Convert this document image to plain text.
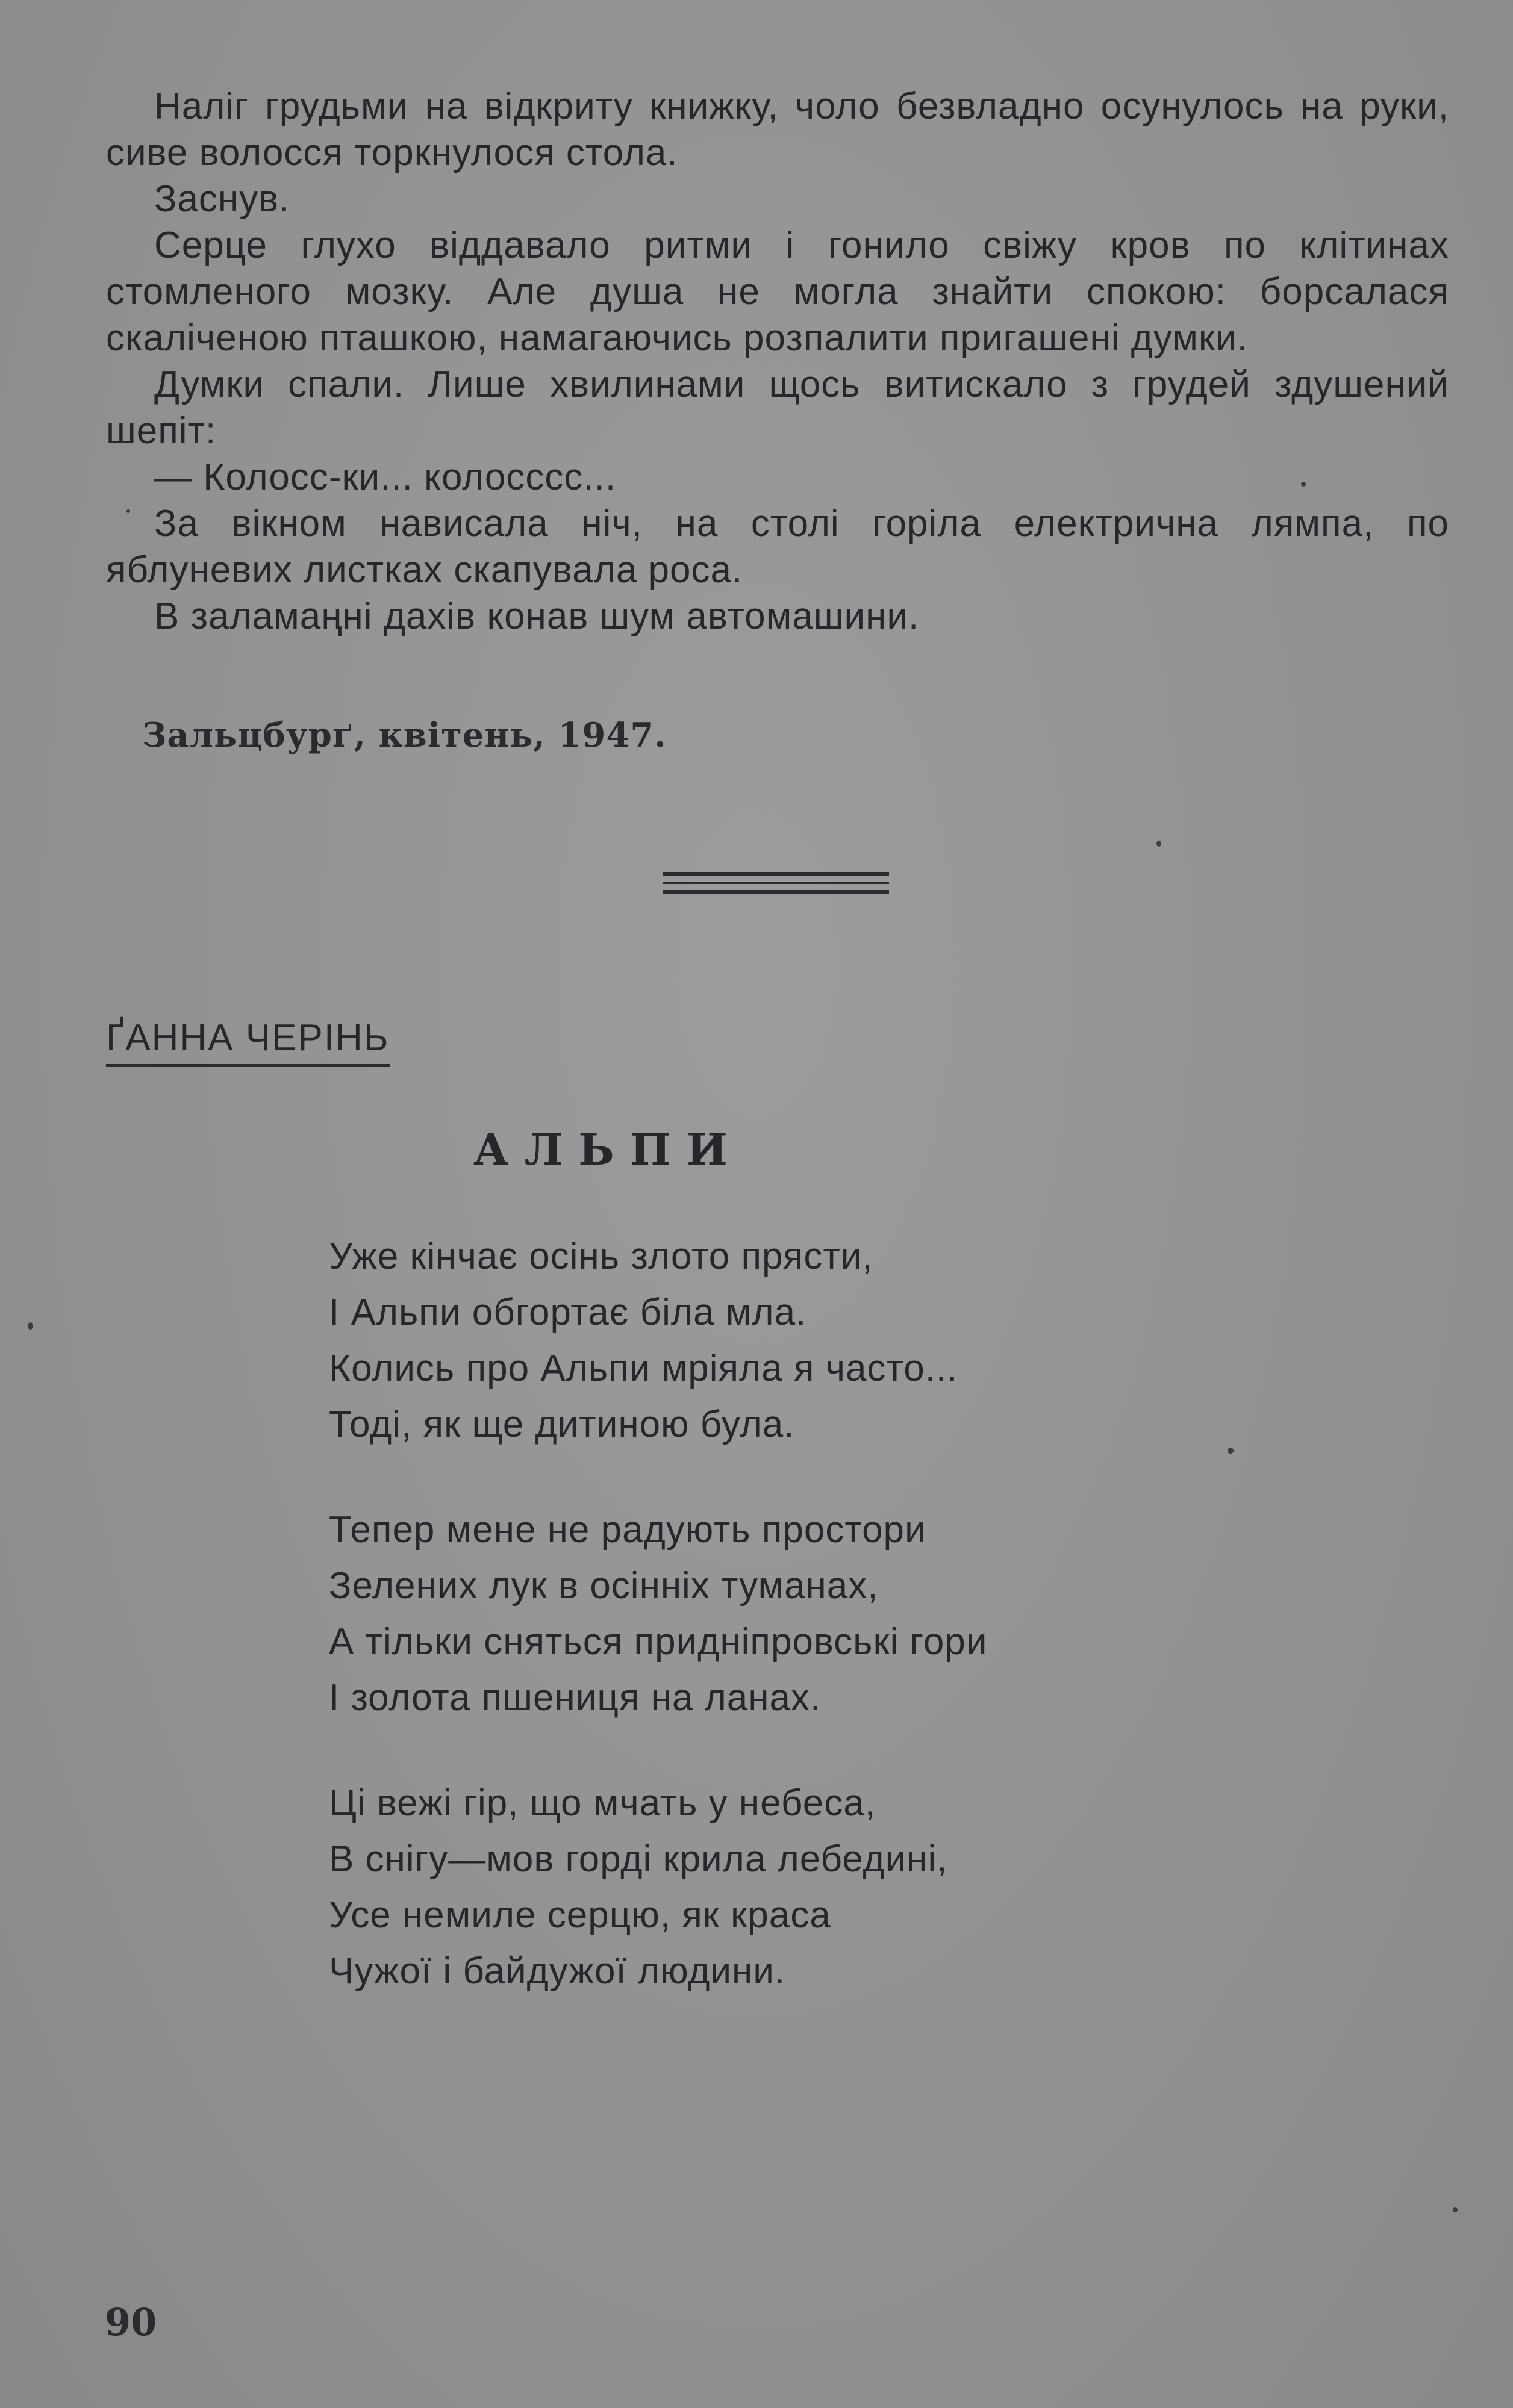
Наліг грудьми на відкриту книжку, чоло безвладно осунулось на руки, сиве волосся торкнулося стола.

Заснув.

Серце глухо віддавало ритми і гонило свіжу кров по клітинах стомленого мозку. Але душа не могла знайти спокою: борсалася скаліченою пташкою, намагаючись розпалити пригашені думки.

Думки спали. Лише хвилинами щось витискало з грудей здушений шепіт:

— Колосс-ки... колосссс...

За вікном нависала ніч, на столі горіла електрична лямпа, по яблуневих листках скапувала роса.

В заламаңні дахів конав шум автомашини.

Зальцбурґ, квітень, 1947.
ҐАННА ЧЕРІНЬ
АЛЬПИ
Уже кінчає осінь злото прясти,
І Альпи обгортає біла мла.
Колись про Альпи мріяла я часто...
Тоді, як ще дитиною була.
Тепер мене не радують простори
Зелених лук в осінніх туманах,
А тільки сняться придніпровські гори
І золота пшениця на ланах.
Ці вежі гір, що мчать у небеса,
В снігу—мов горді крила лебедині,
Усе немиле серцю, як краса
Чужої і байдужої людини.
90
